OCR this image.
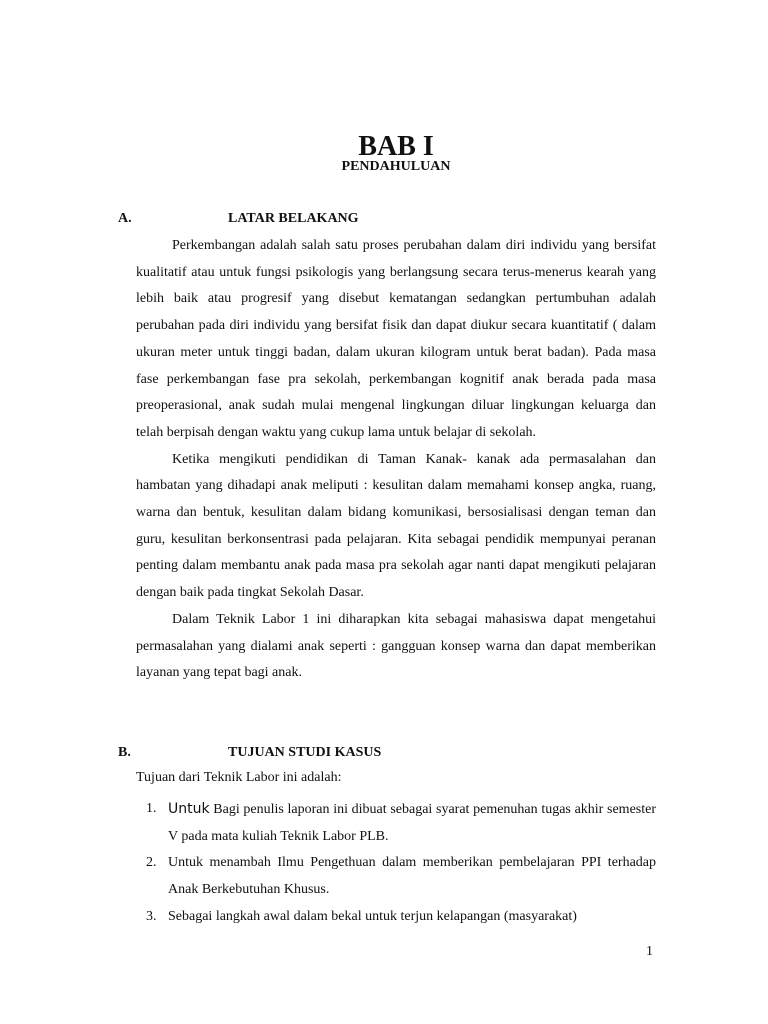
BAB I
PENDAHULUAN
A.	LATAR BELAKANG

Perkembangan adalah salah satu proses perubahan dalam diri individu yang bersifat kualitatif atau untuk fungsi psikologis yang berlangsung secara terus-menerus kearah yang lebih baik atau progresif yang disebut kematangan sedangkan pertumbuhan adalah perubahan pada diri individu yang bersifat fisik dan dapat diukur secara kuantitatif ( dalam ukuran meter untuk tinggi badan, dalam ukuran kilogram untuk berat badan). Pada masa fase perkembangan fase pra sekolah, perkembangan kognitif anak berada pada masa preoperasional, anak sudah mulai mengenal lingkungan diluar lingkungan keluarga dan telah berpisah dengan waktu yang cukup lama untuk belajar di sekolah.

Ketika mengikuti pendidikan di Taman Kanak- kanak ada permasalahan dan hambatan yang dihadapi anak meliputi : kesulitan dalam memahami konsep angka, ruang, warna dan bentuk, kesulitan dalam bidang komunikasi, bersosialisasi dengan teman dan guru, kesulitan berkonsentrasi pada pelajaran. Kita sebagai pendidik mempunyai peranan penting dalam membantu anak pada masa pra sekolah agar nanti dapat mengikuti pelajaran dengan baik pada tingkat Sekolah Dasar.

Dalam Teknik Labor 1 ini diharapkan kita sebagai mahasiswa dapat mengetahui permasalahan yang dialami anak seperti : gangguan konsep warna dan dapat memberikan layanan yang tepat bagi anak.

B.	TUJUAN STUDI KASUS

Tujuan dari Teknik Labor ini adalah:

1. Untuk Bagi penulis laporan ini dibuat sebagai syarat pemenuhan tugas akhir semester V pada mata kuliah Teknik Labor PLB.
2. Untuk menambah Ilmu Pengethuan dalam memberikan pembelajaran PPI terhadap Anak Berkebutuhan Khusus.
3. Sebagai langkah awal dalam bekal untuk terjun kelapangan (masyarakat)

1
